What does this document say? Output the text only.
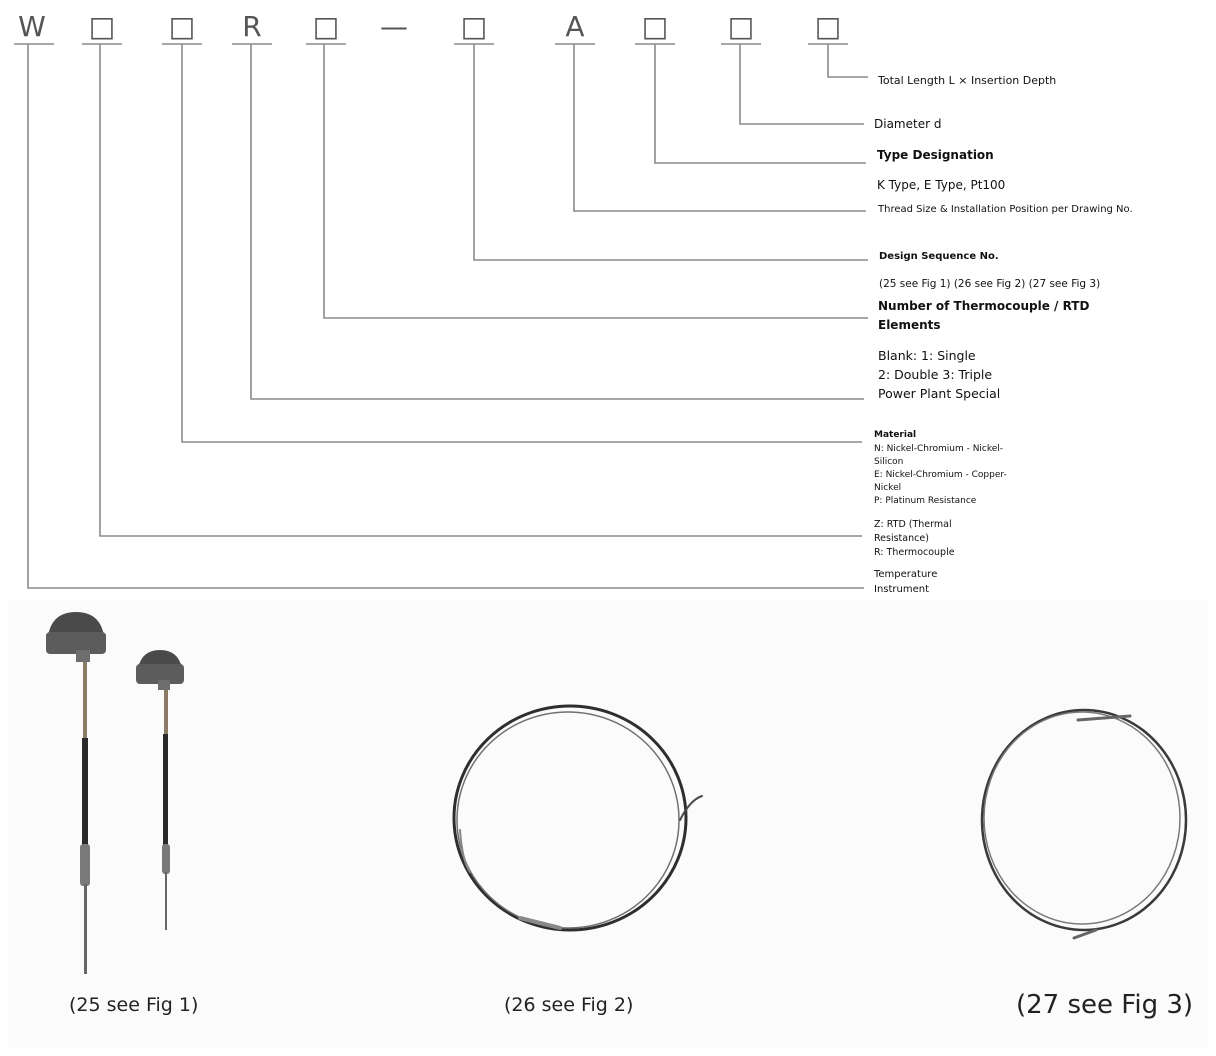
W □ □	R	□ — □	A	□ □ □
Total Length L × Insertion Depth
Diameter d
Type Designation
K Type, E Type, Pt100
Thread Size & Installation Position per Drawing No.
Design Sequence No.
(25 see Fig 1) (26 see Fig 2) (27 see Fig 3)
Number of Thermocouple / RTD
Elements
Blank: 1: Single
2: Double 3: Triple
Power Plant Special
Material
N: Nickel-Chromium - Nickel-
Silicon
E: Nickel-Chromium - Copper-
Nickel
P: Platinum Resistance
Z: RTD (Thermal
Resistance)
R: Thermocouple
Temperature
Instrument
(25 see Fig 1)	(26 see Fig 2)	(27 see Fig 3)
